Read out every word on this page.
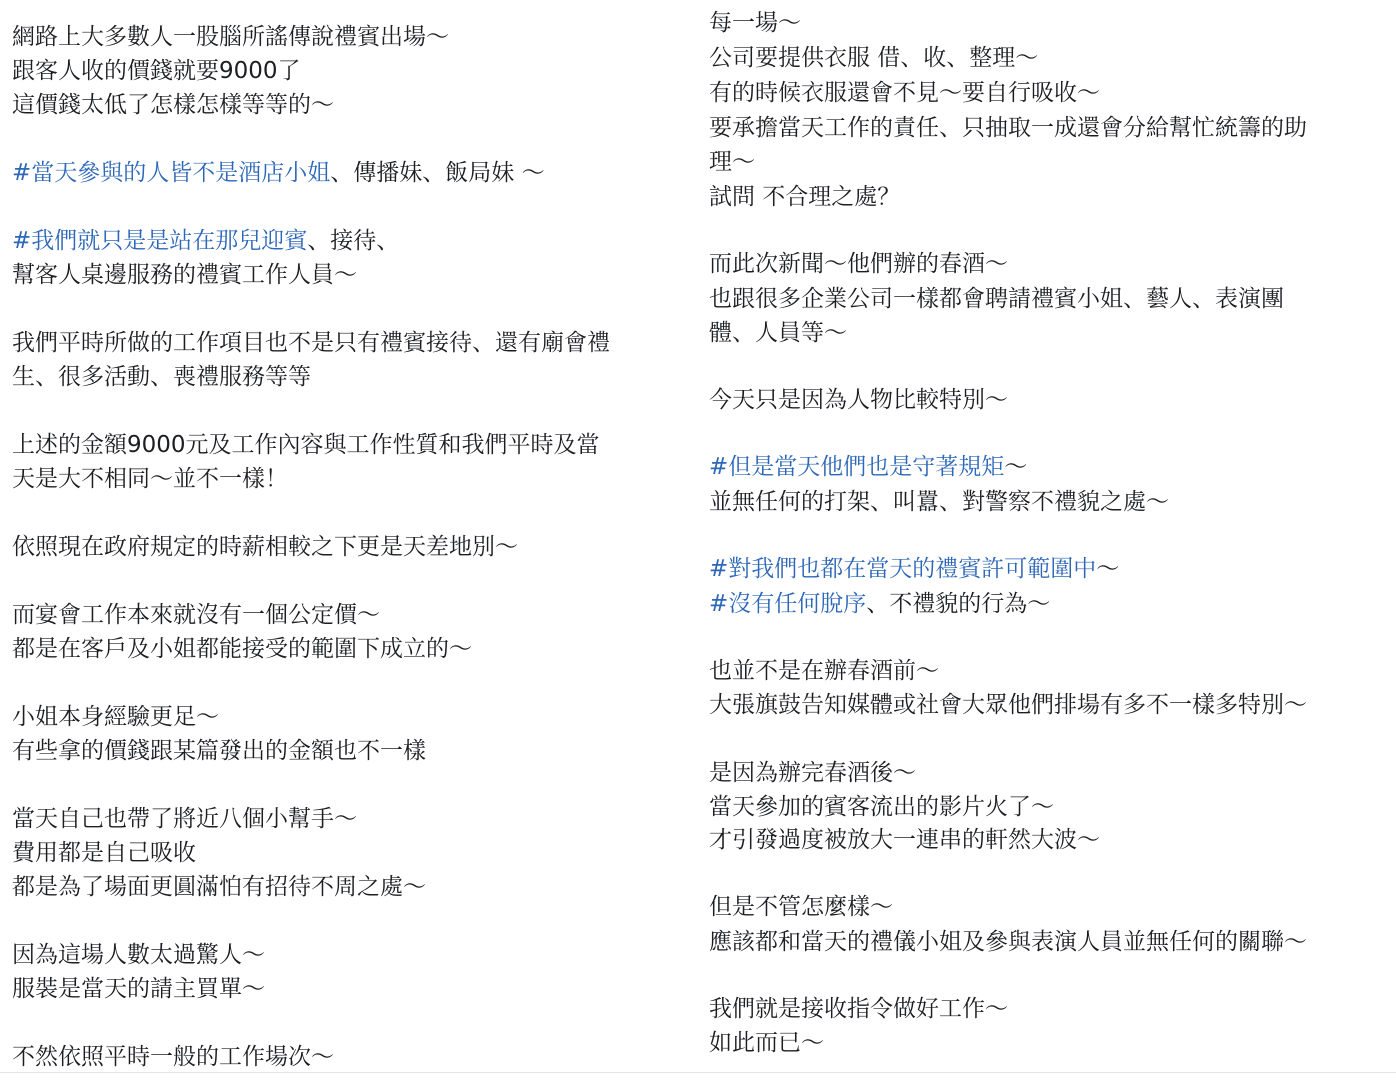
網路上大多數人一股腦所謠傳說禮賓出場～
跟客人收的價錢就要9000了
這價錢太低了怎樣怎樣等等的～
#當天參與的人皆不是酒店小姐、傳播妹、飯局妹 ～
#我們就只是是站在那兒迎賓、接待、
幫客人桌邊服務的禮賓工作人員～
我們平時所做的工作項目也不是只有禮賓接待、還有廟會禮
生、很多活動、喪禮服務等等
上述的金額9000元及工作內容與工作性質和我們平時及當
天是大不相同～並不一樣！
依照現在政府規定的時薪相較之下更是天差地別～
而宴會工作本來就沒有一個公定價～
都是在客戶及小姐都能接受的範圍下成立的～
小姐本身經驗更足～
有些拿的價錢跟某篇發出的金額也不一樣
當天自己也帶了將近八個小幫手～
費用都是自己吸收
都是為了場面更圓滿怕有招待不周之處～
因為這場人數太過驚人～
服裝是當天的請主買單～
不然依照平時一般的工作場次～
每一場～
公司要提供衣服 借、收、整理～
有的時候衣服還會不見～要自行吸收～
要承擔當天工作的責任、只抽取一成還會分給幫忙統籌的助
理～
試問 不合理之處？
而此次新聞～他們辦的春酒～
也跟很多企業公司一樣都會聘請禮賓小姐、藝人、表演團
體、人員等～
今天只是因為人物比較特別～
#但是當天他們也是守著規矩～
並無任何的打架、叫囂、對警察不禮貌之處～
#對我們也都在當天的禮賓許可範圍中～
#沒有任何脫序、不禮貌的行為～
也並不是在辦春酒前～
大張旗鼓告知媒體或社會大眾他們排場有多不一樣多特別～
是因為辦完春酒後～
當天參加的賓客流出的影片火了～
才引發過度被放大一連串的軒然大波～
但是不管怎麼樣～
應該都和當天的禮儀小姐及參與表演人員並無任何的關聯～
我們就是接收指令做好工作～
如此而已～
